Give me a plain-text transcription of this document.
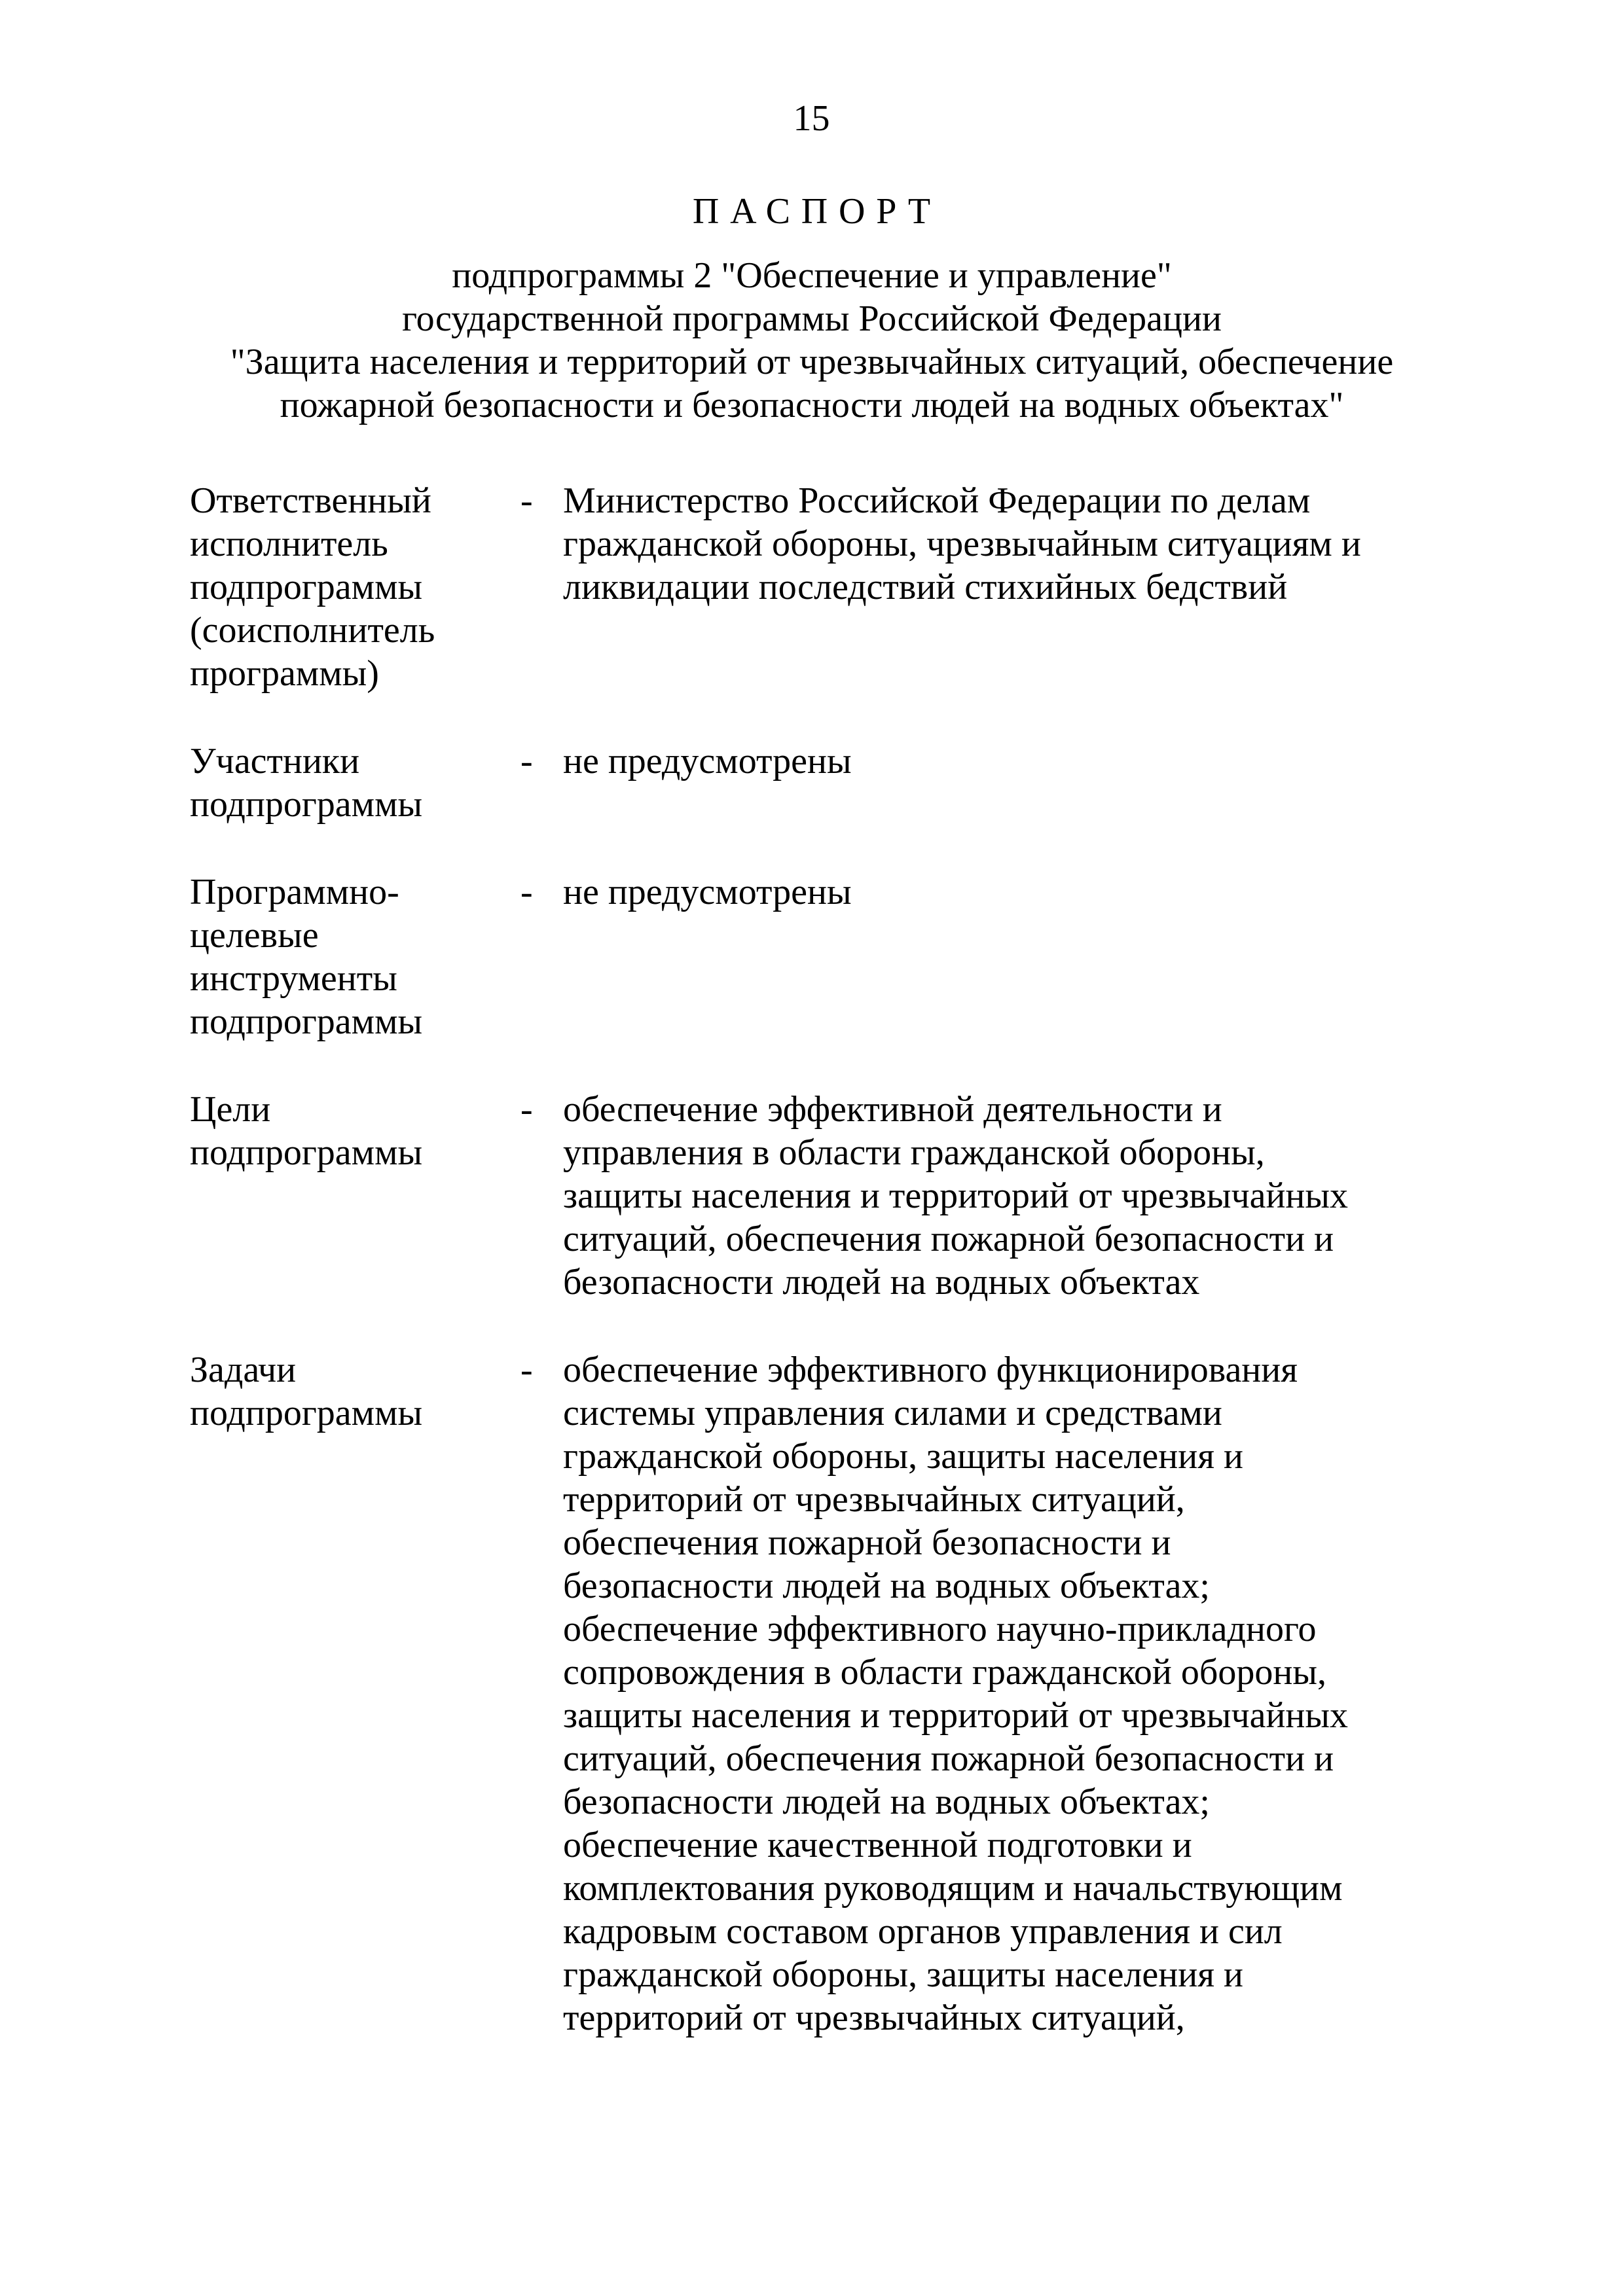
15
ПАСПОРТ
подпрограммы 2 "Обеспечение и управление"
государственной программы Российской Федерации
"Защита населения и территорий от чрезвычайных ситуаций, обеспечение
пожарной безопасности и безопасности людей на водных объектах"
Ответственный
исполнитель
подпрограммы
(соисполнитель
программы)
- Министерство Российской Федерации по делам
гражданской обороны, чрезвычайным ситуациям и
ликвидации последствий стихийных бедствий
Участники
подпрограммы
- не предусмотрены
Программно-
целевые
инструменты
подпрограммы
- не предусмотрены
Цели
подпрограммы
- обеспечение эффективной деятельности и
управления в области гражданской обороны,
защиты населения и территорий от чрезвычайных
ситуаций, обеспечения пожарной безопасности и
безопасности людей на водных объектах
Задачи
подпрограммы
- обеспечение эффективного функционирования
системы управления силами и средствами
гражданской обороны, защиты населения и
территорий от чрезвычайных ситуаций,
обеспечения пожарной безопасности и
безопасности людей на водных объектах;
обеспечение эффективного научно-прикладного
сопровождения в области гражданской обороны,
защиты населения и территорий от чрезвычайных
ситуаций, обеспечения пожарной безопасности и
безопасности людей на водных объектах;
обеспечение качественной подготовки и
комплектования руководящим и начальствующим
кадровым составом органов управления и сил
гражданской обороны, защиты населения и
территорий от чрезвычайных ситуаций,
